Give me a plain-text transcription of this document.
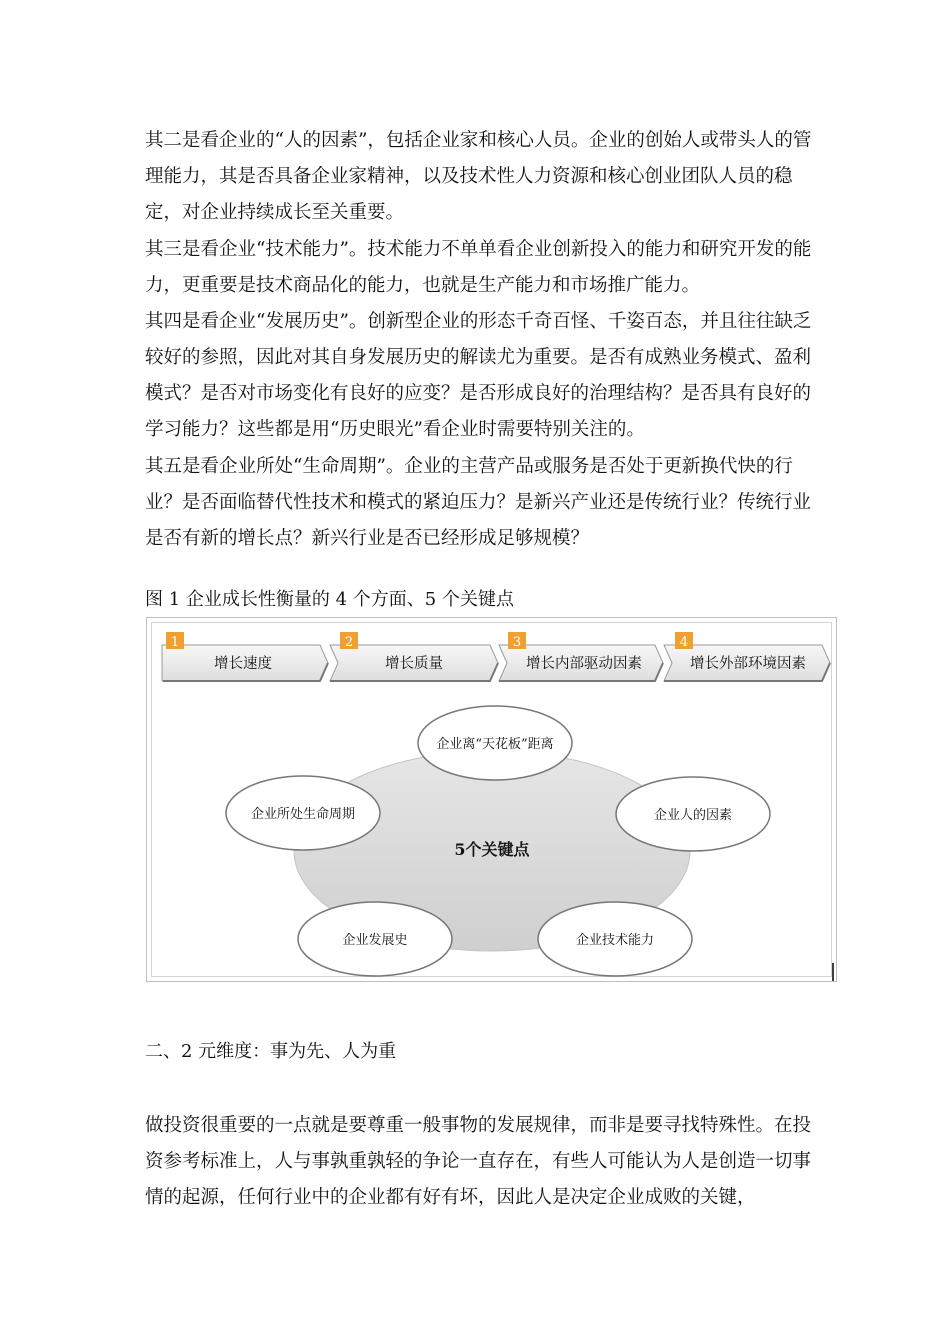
其二是看企业的“人的因素”，包括企业家和核心人员。企业的创始人或带头人的管理能力，其是否具备企业家精神，以及技术性人力资源和核心创业团队人员的稳定，对企业持续成长至关重要。

其三是看企业“技术能力”。技术能力不单单看企业创新投入的能力和研究开发的能力，更重要是技术商品化的能力，也就是生产能力和市场推广能力。

其四是看企业“发展历史”。创新型企业的形态千奇百怪、千姿百态，并且往往缺乏较好的参照，因此对其自身发展历史的解读尤为重要。是否有成熟业务模式、盈利模式？是否对市场变化有良好的应变？是否形成良好的治理结构？是否具有良好的学习能力？这些都是用“历史眼光”看企业时需要特别关注的。

其五是看企业所处“生命周期”。企业的主营产品或服务是否处于更新换代快的行业？是否面临替代性技术和模式的紧迫压力？是新兴产业还是传统行业？传统行业是否有新的增长点？新兴行业是否已经形成足够规模？

图 1 企业成长性衡量的 4 个方面、5 个关键点
1
增长速度
2
增长质量
3
增长内部驱动因素
4
增长外部环境因素
5个关键点
企业离“天花板”距离
企业人的因素
企业技术能力
企业发展史
企业所处生命周期
二、2 元维度：事为先、人为重

做投资很重要的一点就是要尊重一般事物的发展规律，而非是要寻找特殊性。在投资参考标准上，人与事孰重孰轻的争论一直存在，有些人可能认为人是创造一切事情的起源，任何行业中的企业都有好有坏，因此人是决定企业成败的关键，
